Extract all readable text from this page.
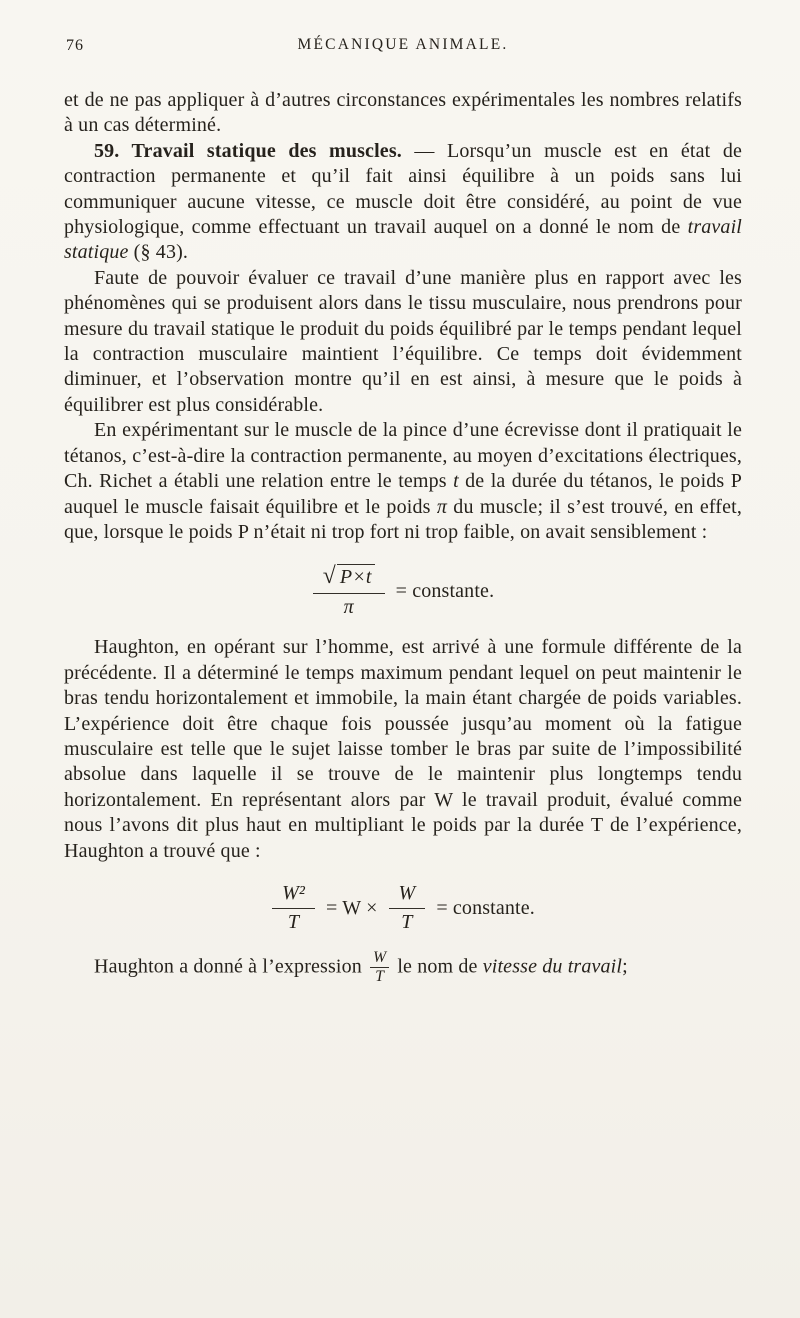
76	MÉCANIQUE ANIMALE.

et de ne pas appliquer à d’autres circonstances expérimentales les nombres relatifs à un cas déterminé.

59. Travail statique des muscles. — Lorsqu’un muscle est en état de contraction permanente et qu’il fait ainsi équilibre à un poids sans lui communiquer aucune vitesse, ce muscle doit être considéré, au point de vue physiologique, comme effectuant un travail auquel on a donné le nom de travail statique (§ 43).

Faute de pouvoir évaluer ce travail d’une manière plus en rapport avec les phénomènes qui se produisent alors dans le tissu musculaire, nous prendrons pour mesure du travail statique le produit du poids équilibré par le temps pendant lequel la contraction musculaire maintient l’équilibre. Ce temps doit évidemment diminuer, et l’observation montre qu’il en est ainsi, à mesure que le poids à équilibrer est plus considérable.

En expérimentant sur le muscle de la pince d’une écrevisse dont il pratiquait le tétanos, c’est-à-dire la contraction permanente, au moyen d’excitations électriques, Ch. Richet a établi une relation entre le temps t de la durée du tétanos, le poids P auquel le muscle faisait équilibre et le poids π du muscle; il s’est trouvé, en effet, que, lorsque le poids P n’était ni trop fort ni trop faible, on avait sensiblement :

$\frac{√ P\times t}{\pi}$ = constante.

Haughton, en opérant sur l’homme, est arrivé à une formule différente de la précédente. Il a déterminé le temps maximum pendant lequel on peut maintenir le bras tendu horizontalement et immobile, la main étant chargée de poids variables. L’expérience doit être chaque fois poussée jusqu’au moment où la fatigue musculaire est telle que le sujet laisse tomber le bras par suite de l’impossibilité absolue dans laquelle il se trouve de le maintenir plus longtemps tendu horizontalement. En représentant alors par W le travail produit, évalué comme nous l’avons dit plus haut en multipliant le poids par la durée T de l’expérience, Haughton a trouvé que :

$\frac{\text{W²}}{T} = W \times \frac{W}{T}$ = constante.

Haughton a donné à l’expression $\frac{W}{T}$ le nom de vitesse du travail;
